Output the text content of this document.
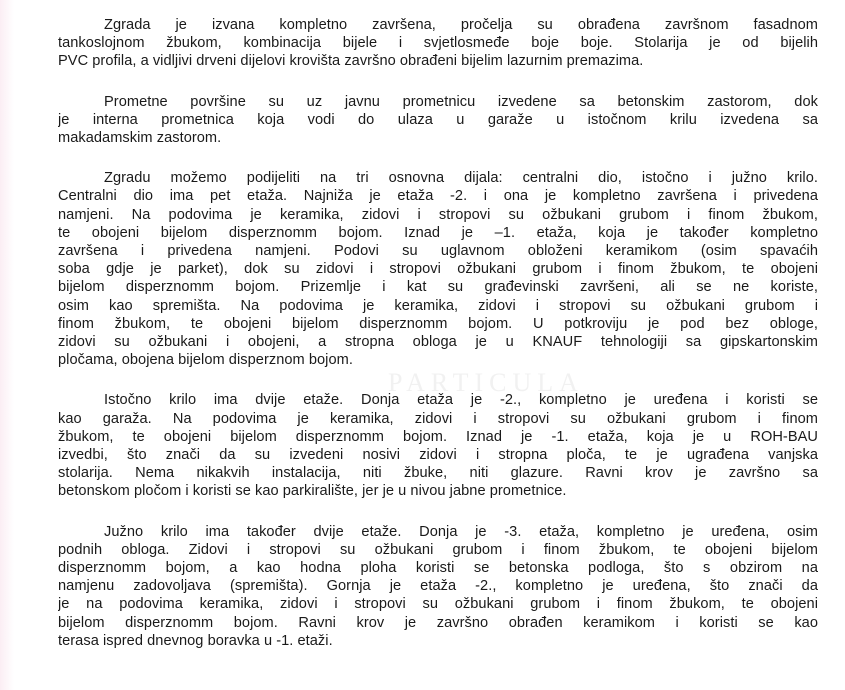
PARTICULA

Zgrada je izvana kompletno završena, pročelja su obrađena završnom fasadnom
tankoslojnom žbukom, kombinacija bijele i svjetlosmeđe boje boje. Stolarija je od bijelih
PVC profila, a vidljivi drveni dijelovi krovišta završno obrađeni bijelim lazurnim premazima.

Prometne površine su uz javnu prometnicu izvedene sa betonskim zastorom, dok
je interna prometnica koja vodi do ulaza u garaže u istočnom krilu izvedena sa
makadamskim zastorom.

Zgradu možemo podijeliti na tri osnovna dijala: centralni dio, istočno i južno krilo.
Centralni dio ima pet etaža. Najniža je etaža -2. i ona je kompletno završena i privedena
namjeni. Na podovima je keramika, zidovi i stropovi su ožbukani grubom i finom žbukom,
te obojeni bijelom disperznomm bojom. Iznad je –1. etaža, koja je također kompletno
završena i privedena namjeni. Podovi su uglavnom obloženi keramikom (osim spavaćih
soba gdje je parket), dok su zidovi i stropovi ožbukani grubom i finom žbukom, te obojeni
bijelom disperznomm bojom. Prizemlje i kat su građevinski završeni, ali se ne koriste,
osim kao spremišta. Na podovima je keramika, zidovi i stropovi su ožbukani grubom i
finom žbukom, te obojeni bijelom disperznomm bojom. U potkroviju je pod bez obloge,
zidovi su ožbukani i obojeni, a stropna obloga je u KNAUF tehnologiji sa gipskartonskim
pločama, obojena bijelom disperznom bojom.

Istočno krilo ima dvije etaže. Donja etaža je -2., kompletno je uređena i koristi se
kao garaža. Na podovima je keramika, zidovi i stropovi su ožbukani grubom i finom
žbukom, te obojeni bijelom disperznomm bojom. Iznad je -1. etaža, koja je u ROH-BAU
izvedbi, što znači da su izvedeni nosivi zidovi i stropna ploča, te je ugrađena vanjska
stolarija. Nema nikakvih instalacija, niti žbuke, niti glazure. Ravni krov je završno sa
betonskom pločom i koristi se kao parkiralište, jer je u nivou jabne prometnice.

Južno krilo ima također dvije etaže. Donja je -3. etaža, kompletno je uređena, osim
podnih obloga. Zidovi i stropovi su ožbukani grubom i finom žbukom, te obojeni bijelom
disperznomm bojom, a kao hodna ploha koristi se betonska podloga, što s obzirom na
namjenu zadovoljava (spremišta). Gornja je etaža -2., kompletno je uređena, što znači da
je na podovima keramika, zidovi i stropovi su ožbukani grubom i finom žbukom, te obojeni
bijelom disperznomm bojom. Ravni krov je završno obrađen keramikom i koristi se kao
terasa ispred dnevnog boravka u -1. etaži.
